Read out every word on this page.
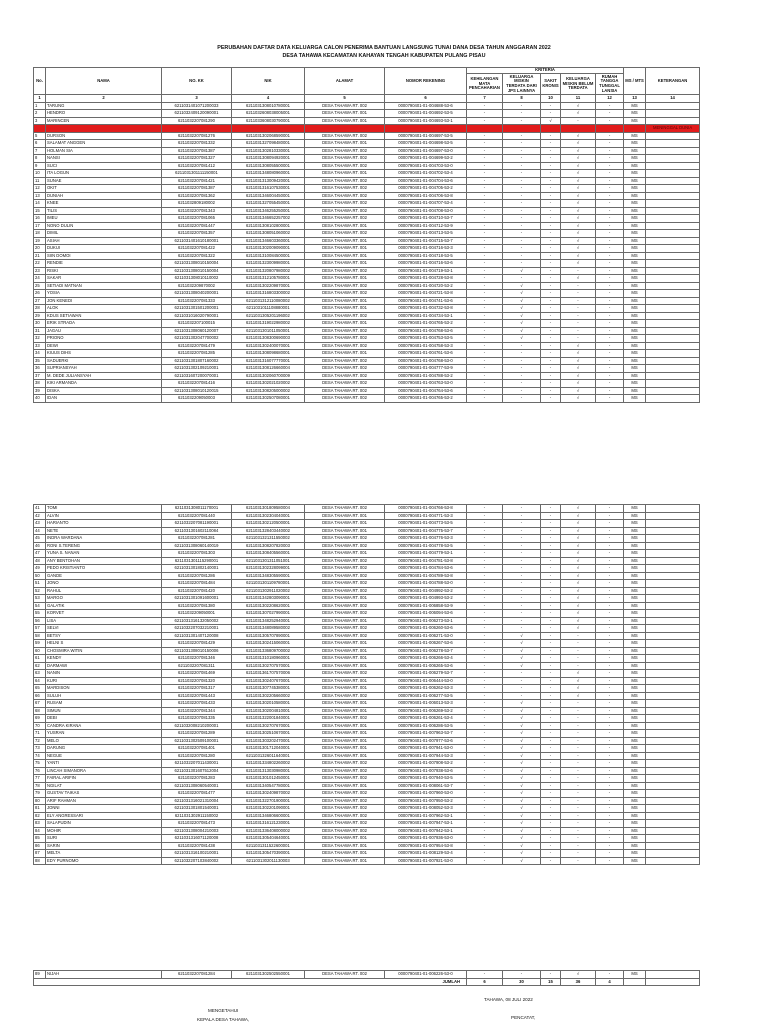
PERUBAHAN DAFTAR DATA KELUARGA CALON PENERIMA BANTUAN LANGSUNG TUNAI DANA DESA TAHUN ANGGARAN 2022
DESA TAHAWA KECAMATAN KAHAYAN TENGAH KABUPATEN PULANG PISAU
No.	NAMA	NO. KK	NIK	ALAMAT	NOMOR REKENING	KRITERIA					MS / MTS	KETERANGAN
						KEHILANGAN MATA PENCAHARIAN	KELUARGA MISKIN TERDATA DARI JPS LAINNYA	SAKIT KRONIS	KELUARGA MISKIN BELUM TERDATA	RUMAH TANGGA TUNGGAL LANSIA		
1	2	3	4	5	6	7	8	10	11	12	13	14
1	TARUNG	6211031401071200033	6211031308010780001	DESA TAHAWA RT. 002	0000790401-01-004688-53-6	-	-	-	√	-	MS	
2	HENDRO	6211032409120090001	6211032608038005001	DESA TAHAWA RT. 001	0000790401-01-004692-53-5	-	-	-	√	-	MS	
3	MARINCEN	6211032207081290	6211033608030790001	DESA TAHAWA RT. 001	0000790401-01-004693-53-1	-	-	√	-	-	MS	
4	EPITO	6211032207081220	6211031308010790001	DESA TAHAWA RT. 002	0000790401-01-004695-53-1	-	-	-	-	-	MS	MENINGGAL DUNIA
5	DURSON	6211032207081276	6211031302068590001	DESA TAHAWA RT. 002	0000790401-01-004697-53-5	-	-	-	√	-	MS	
6	SALAMAT ANGGEN	6211032207081332	6211031327098480001	DESA TAHAWA RT. 001	0000790401-01-004698-53-5	-	-	-	√	-	MS	
7	HOLMAN SIA	6211032207081387	6211031302810330001	DESA TAHAWA RT. 002	0000790401-01-004697-53-0	-	-	-	√	-	MS	
8	NANSI	6211032207081327	6211031308094920001	DESA TAHAWA RT. 002	0000790401-01-004699-53-2	-	-	-	√	-	MS	
9	SUCI	6211032207081412	6211031308055500001	DESA TAHAWA RT. 002	0000790401-01-004703-53-0	-	-	-	√	-	MS	
10	ITA LOGUN	6211031301111150001	6211031348080960001	DESA TAHAWA RT. 001	0000790401-01-004702-53-4	-	-	-	√	-	MS	
11	SUNAE	6211032207081421	6211031313009420001	DESA TAHAWA RT. 002	0000790401-01-004704-53-6	-	-	-	√	-	MS	
12	OKIT	6211032207081387	6211031316107530001	DESA TAHAWA RT. 002	0000790401-01-004705-53-2	-	-	-	√	-	MS	
13	DUNIAH	6211032207081362	6211031346004450001	DESA TAHAWA RT. 002	0000790401-01-004706-53-8	-	-	-	√	-	MS	
14	KNEE	6211032809180002	6211031327055450001	DESA TAHAWA RT. 002	0000790401-01-004707-53-4	-	-	-	√	-	MS	
15	TILIS	6211032207081343	6211031346255250001	DESA TAHAWA RT. 002	0000790401-01-004708-53-0	-	-	-	√	-	MS	
16	IMEU	6211032207081065	6211031346652257002	DESA TAHAWA RT. 002	0000790401-01-004710-53-7	-	-	-	√	-	MS	
17	NONO DULIN	6211032207081447	6211031308102800001	DESA TAHAWA RT. 001	0000790401-01-004712-53-9	-	-	-	√	-	MS	
18	DIMIL	6211032207081357	6211031308051060002	DESA TAHAWA RT. 002	0000790401-01-004713-53-5	-	-	-	√	-	MS	
19	ASIAH	6211031401610180001	6211031346603360001	DESA TAHAWA RT. 001	0000790401-01-004715-53-7	-	-	-	√	-	MS	
20	DUKUI	6211032207081422	6211031302009090001	DESA TAHAWA RT. 001	0000790401-01-004716-53-3	-	-	-	√	-	MS	
21	SIIN DOMOI	6211032207081322	6211031310084500001	DESA TAHAWA RT. 001	0000790401-01-004718-53-5	-	-	-	√	-	MS	
22	RENDIE	6211031308010150004	6211031323009980001	DESA TAHAWA RT. 001	0000790401-01-004716-53-6	-	-	-	√	-	MS	
23	RISKI	6211031308010150004	6211031320807980002	DESA TAHAWA RT. 002	0000790401-01-004719-53-1	-	√	-	-	-	MS	
24	SAKAR	6211031308010110002	6211031312105780001	DESA TAHAWA RT. 001	0000790401-01-004728-53-8	-	-	-	√	-	MS	
25	SETIADI MATNAN	6211032209870002	6211031302209870001	DESA TAHAWA RT. 002	0000790401-01-004720-53-2	-	√	-	-	-	MS	
26	YOSIA	6211031308040200001	6211031316803300002	DESA TAHAWA RT. 002	0000790401-01-004721-53-8	-	√	-	-	-	MS	
27	JON KENEDI	6211032207081333	6211031312110080002	DESA TAHAWA RT. 001	0000790401-01-004741-53-6	-	√	-	-	-	MS	
28	ALOK	6211031301501200001	6211031011108880001	DESA TAHAWA RT. 001	0000790401-01-004732-53-8	-	√	-	-	-	MS	
29	KDUS SETIAWAN	6211031016020790001	6211031305201196002	DESA TAHAWA RT. 002	0000790401-01-004734-53-1	-	√	-	-	-	MS	
30	ERIK STRADA	6211032207100015	6211031319022980002	DESA TAHAWA RT. 001	0000790401-01-004765-53-2	-	√	-	-	-	MS	
31	JAGAU	6211031308060120007	6211031301011050001	DESA TAHAWA RT. 002	0000790401-01-004768-53-6	-	√	-	-	-	MS	
32	PRIONO	6211031302047700002	6211031308300690003	DESA TAHAWA RT. 002	0000790401-01-004753-53-5	-	√	-	-	-	MS	
33	DEWI	6211032207081479	6211031302400070001	DESA TAHAWA RT. 002	0000790401-01-004758-53-3	-	-	-	√	-	MS	
34	KIUUS DIHS	6211032207081285	6211031308098680001	DESA TAHAWA RT. 001	0000790401-01-004761-53-6	-	-	-	√	-	MS	
35	SADUERKI	6211031301807160002	6211031316077770001	DESA TAHAWA RT. 002	0000790401-01-004768-53-0	-	-	-	√	-	MS	
36	SUPRIANSYAH	6211031302109210001	6211031308126660004	DESA TAHAWA RT. 002	0000790401-01-004777-53-9	-	-	-	√	-	MS	
37	M. DEDE JULIANSYAH	6211031607200070001	6211031302060700009	DESA TAHAWA RT. 002	0000790401-01-004788-53-2	-	-	-	√	-	MS	
38	KIKI ARMANDA	6211032207081416	6211031302021020002	DESA TAHAWA RT. 002	0000790401-01-004763-53-0	-	-	-	√	-	MS	
39	DISKA	6211031308010120015	6211031308205000002	DESA TAHAWA RT. 002	0000790401-01-004764-53-6	-	-	-	√	-	MS	
40	IDAN	6211032209050003	6211031302507080001	DESA TAHAWA RT. 002	0000790401-01-004765-53-2	-	-	-	√	-	MS	
41	TOMI	6211031308011170001	6211031301809580004	DESA TAHAWA RT. 002	0000790401-01-004766-53-8	-	-	-	√	-	MS	
42	ALVIN	6211032207081440	6211031302304040001	DESA TAHAWA RT. 001	0000790401-01-004771-53-3	-	-	-	√	-	MS	
43	HARIANTO	6211032207081190001	6211031302120500001	DESA TAHAWA RT. 001	0000790401-01-004773-53-5	-	-	-	√	-	MS	
44	NETE	6211031301602110084	6211031328403440002	DESA TAHAWA RT. 001	0000790401-01-004775-53-7	-	-	-	√	-	MS	
45	INDRA WARDANA	6211032207081281	6211031321311550002	DESA TAHAWA RT. 002	0000790401-01-004776-53-3	-	-	-	√	-	MS	
46	RONI S.TERENG	6211031308060140019	6211031308207820003	DESA TAHAWA RT. 002	0000790401-01-004778-53-5	-	-	-	√	-	MS	
47	YUNA S. NANAN	6211032207081303	6211031308405560001	DESA TAHAWA RT. 001	0000790401-01-004779-53-1	-	-	-	√	-	MS	
48	ANY BENTOHAN	6211031301115290001	6211031301311051001	DESA TAHAWA RT. 002	0000790401-01-004781-53-8	-	-	-	√	-	MS	
49	PEDO KRISTIANTO	6211031301802140001	6211031302328099001	DESA TAHAWA RT. 002	0000790401-01-004784-53-6	-	-	-	√	-	MS	
50	GANDE	6211032207081286	6211031348305590001	DESA TAHAWA RT. 002	0000790401-01-004789-53-8	-	-	-	√	-	MS	
51	JONO	6211032207081484	6211031301109780001	DESA TAHAWA RT. 002	0000790401-01-004788-53-0	-	-	-	√	-	MS	
52	RAHUL	6211032207081420	6211031302911020002	DESA TAHAWA RT. 002	0000790401-01-004992-53-2	-	-	-	√	-	MS	
53	MARGO	6211031301091600001	6211031342803090001	DESA TAHAWA RT. 001	0000790401-01-004993-53-2	-	-	-	√	-	MS	
54	GALATIK	6211032207081380	6211031302208620001	DESA TAHAWA RT. 002	0000790401-01-006858-53-9	-	-	-	√	-	MS	
55	KORVET	6211032209050001	6211031307027990001	DESA TAHAWA RT. 002	0000790401-01-006094-53-6	-	-	-	√	-	MS	
56	LISA	6211031316132050002	6211031348252940001	DESA TAHAWA RT. 001	0000790401-01-006273-53-1	-	-	-	√	-	MS	
57	SELVI	6211032207032210001	6211031348089580002	DESA TAHAWA RT. 002	0000790401-01-006260-53-6	-	-	-	√	-	MS	
58	BETSY	6211031301407120008	6211031305707890001	DESA TAHAWA RT. 002	0000790401-01-006271-53-0	-	√	-	-	-	MS	
59	HELNI S	6211032207081429	6211031302415060001	DESA TAHAWA RT. 001	0000790401-01-006267-53-6	-	√	-	-	-	MS	
60	CHOSMIRA WITIN	6211031308010150006	6211031336809700002	DESA TAHAWA RT. 001	0000790401-01-006278-53-7	-	√	-	-	-	MS	
61	KENDY	6211032207081346	6211031310180960001	DESA TAHAWA RT. 001	0000790401-01-006266-53-4	-	√	-	-	-	MS	
62	DARMAWI	6211032207081311	6211031302707570001	DESA TAHAWA RT. 001	0000790401-01-006265-53-6	-	√	-	-	-	MS	
63	NANIN	6211032207081469	6211031361707570006	DESA TAHAWA RT. 002	0000790401-01-006279-53-7	-	-	-	√	-	MS	
64	KURI	6211032207081320	6211031302407670001	DESA TAHAWA RT. 001	0000790401-01-006444-53-0	-	-	-	√	-	MS	
65	MARDISON	6211032207081317	6211031307745380001	DESA TAHAWA RT. 001	0000790401-01-006262-53-3	-	-	-	√	-	MS	
66	SULUH	6211032207081443	6211031302205660002	DESA TAHAWA RT. 002	0000790401-01-006277-53-5	-	-	-	√	-	MS	
67	RUSAM	6211032207081433	6211031302010580001	DESA TAHAWA RT. 001	0000790401-01-006013-53-3	-	√	-	-	-	MS	
68	SIMUN	6211032207081344	6211031302004810001	DESA TAHAWA RT. 001	0000790401-01-006269-53-2	-	√	-	-	-	MS	
69	DEBI	6211032207081335	6211031322001840001	DESA TAHAWA RT. 002	0000790401-01-006261-53-4	-	√	-	-	-	MS	
70	CANDRA KIRANA	6211032008210200001	6211031302707670001	DESA TAHAWA RT. 001	0000790401-01-006286-53-5	-	√	-	-	-	MS	
71	YUSRAN	6211032207081289	6211031302510670001	DESA TAHAWA RT. 001	0000790401-01-007963-53-7	-	√	-	-	-	MS	
72	MELO	6211031302509100001	6211031303202470001	DESA TAHAWA RT. 001	0000790401-01-007977-53-6	-	√	-	-	-	MS	
73	DARUNG	6211032207081401	6211031301712040001	DESA TAHAWA RT. 001	0000790401-01-007941-53-0	-	√	-	-	-	MS	
74	NEGUE	6211032207081280	6211031326011640001	DESA TAHAWA RT. 001	0000790401-01-007944-53-3	-	√	-	-	-	MS	
75	YANTI	6211032207011430001	6211031334802260002	DESA TAHAWA RT. 002	0000790401-01-007908-53-2	-	√	-	-	-	MS	
76	LINCAH SIMANORA	6211031301607512004	6211031313030980001	DESA TAHAWA RT. 002	0000790401-01-007938-53-6	-	√	-	-	-	MS	
77	FAIRAL ARIFIN	6211032207081283	6211031301012450001	DESA TAHAWA RT. 002	0000790401-01-007940-53-5	-	√	-	-	-	MS	
78	NGILAT	6211031308060540001	6211031340547780001	DESA TAHAWA RT. 001	0000790401-01-008061-53-7	-	√	-	-	-	MS	
79	GUSTAV TAIKAS	6211032207081477	6211031302409870002	DESA TAHAWA RT. 002	0000790401-01-007960-53-0	-	√	-	-	-	MS	
80	ARIF RAHMAN	6211031316021310004	6211031322701900001	DESA TAHAWA RT. 002	0000790401-01-007950-53-2	-	√	-	-	-	MS	
81	JONNI	6211031301801540001	6211031302201090001	DESA TAHAWA RT. 002	0000790401-01-008052-53-3	-	√	-	-	-	MS	
82	ELY ANGRESSARI	6211031302911150002	6211031346806600001	DESA TAHAWA RT. 002	0000790401-01-007962-53-1	-	√	-	-	-	MS	
83	SALAPUDIN	6211032207081473	6211031316121230001	DESA TAHAWA RT. 002	0000790401-01-007947-53-1	-	√	-	-	-	MS	
84	MOHIR	6211031308004210003	6211031336408000002	DESA TAHAWA RT. 002	0000790401-01-007942-53-1	-	√	-	-	-	MS	
85	SURI	6211031316071120008	6211031305404640001	DESA TAHAWA RT. 001	0000790401-01-007936-53-0	-	√	-	-	-	MS	
86	SARIN	6211032207081438	6211031311522600001	DESA TAHAWA RT. 001	0000790401-01-007954-53-8	-	√	-	-	-	MS	
87	MELTA	6211031316100210001	6211031305470390001	DESA TAHAWA RT. 001	0000790401-01-008129-53-4	-	√	-	-	-	MS	
88	EDY PURNOMO	6211032207103840002	6211031302011130003	DESA TAHAWA RT. 001	0000790401-01-007921-53-0	-	√	-	-	-	MS	
89	NIJAH	6211032207081284	6211031302502550001	DESA TAHAWA RT. 002	0000790401-01-006226-53-0	-	-	-	√	-	MS	
JUMLAH						6	30	15	36	4		
TAHAWA, 08 JULI 2022
MENGETAHUI
KEPALA DESA TAHAWA,	PENCATAT,
